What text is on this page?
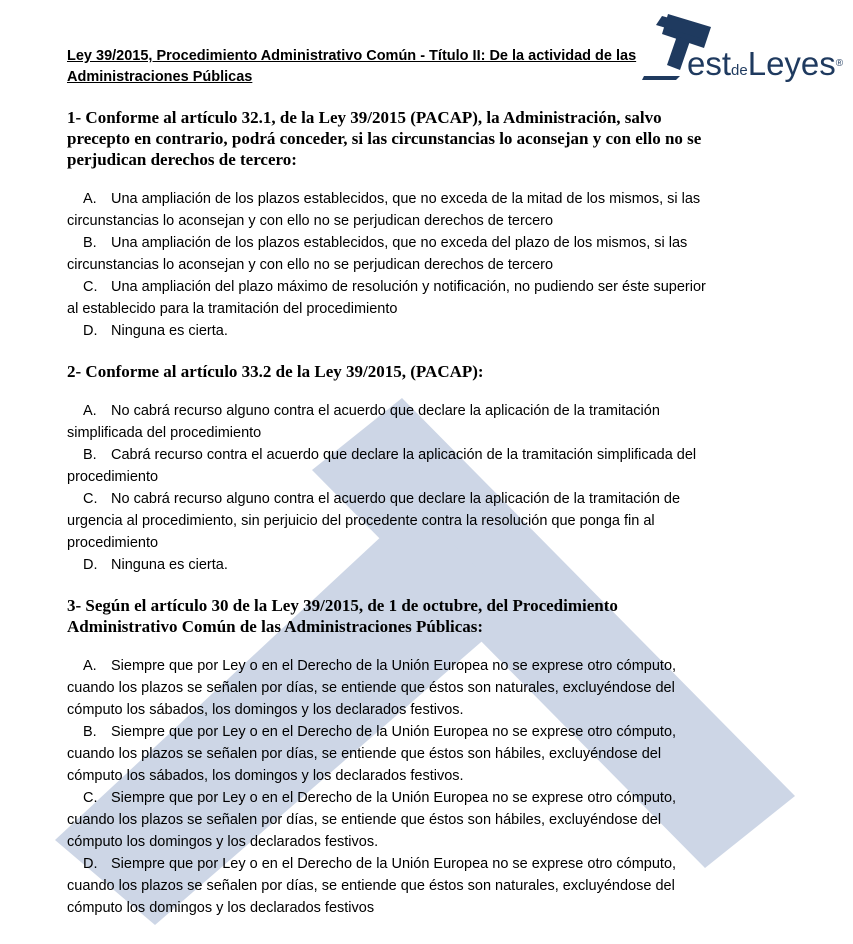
estdeLeyes®
Ley 39/2015, Procedimiento Administrativo Común - Título II: De la actividad de las Administraciones Públicas
1- Conforme al artículo 32.1, de la Ley 39/2015 (PACAP), la Administración, salvo precepto en contrario, podrá conceder, si las circunstancias lo aconsejan y con ello no se perjudican derechos de tercero:
A. Una ampliación de los plazos establecidos, que no exceda de la mitad de los mismos, si las circunstancias lo aconsejan y con ello no se perjudican derechos de tercero
B. Una ampliación de los plazos establecidos, que no exceda del plazo de los mismos, si las circunstancias lo aconsejan y con ello no se perjudican derechos de tercero
C. Una ampliación del plazo máximo de resolución y notificación, no pudiendo ser éste superior al establecido para la tramitación del procedimiento
D. Ninguna es cierta.
2- Conforme al artículo 33.2 de la Ley 39/2015, (PACAP):
A. No cabrá recurso alguno contra el acuerdo que declare la aplicación de la tramitación simplificada del procedimiento
B. Cabrá recurso contra el acuerdo que declare la aplicación de la tramitación simplificada del procedimiento
C. No cabrá recurso alguno contra el acuerdo que declare la aplicación de la tramitación de urgencia al procedimiento, sin perjuicio del procedente contra la resolución que ponga fin al procedimiento
D. Ninguna es cierta.
3- Según el artículo 30 de la Ley 39/2015, de 1 de octubre, del Procedimiento Administrativo Común de las Administraciones Públicas:
A. Siempre que por Ley o en el Derecho de la Unión Europea no se exprese otro cómputo, cuando los plazos se señalen por días, se entiende que éstos son naturales, excluyéndose del cómputo los sábados, los domingos y los declarados festivos.
B. Siempre que por Ley o en el Derecho de la Unión Europea no se exprese otro cómputo, cuando los plazos se señalen por días, se entiende que éstos son hábiles, excluyéndose del cómputo los sábados, los domingos y los declarados festivos.
C. Siempre que por Ley o en el Derecho de la Unión Europea no se exprese otro cómputo, cuando los plazos se señalen por días, se entiende que éstos son hábiles, excluyéndose del cómputo los domingos y los declarados festivos.
D. Siempre que por Ley o en el Derecho de la Unión Europea no se exprese otro cómputo, cuando los plazos se señalen por días, se entiende que éstos son naturales, excluyéndose del cómputo los domingos y los declarados festivos
